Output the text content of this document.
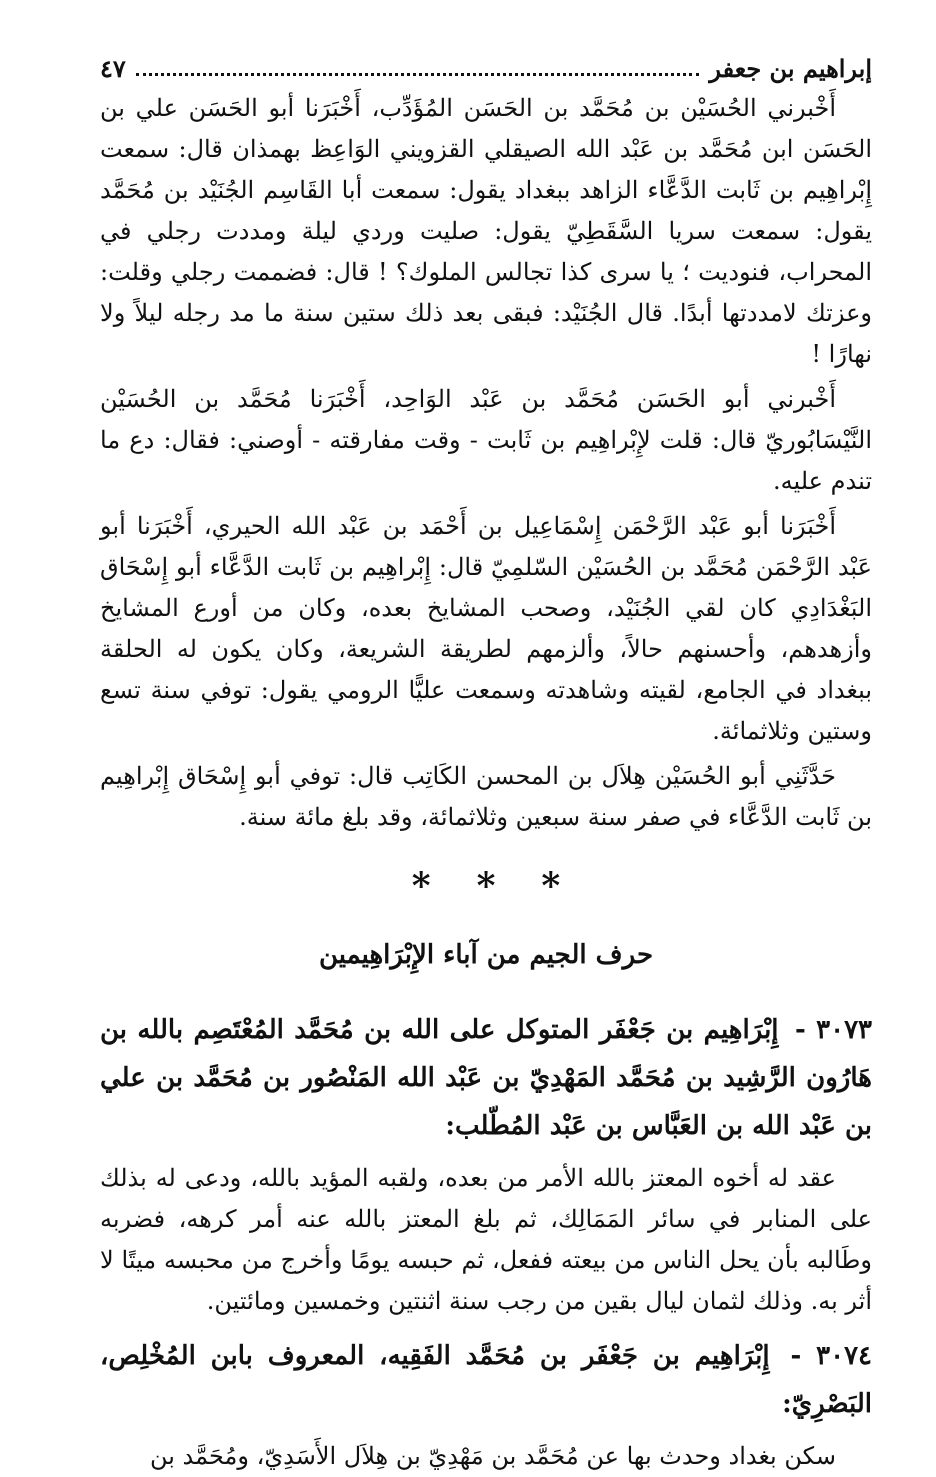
إبراهيم بن جعفر
٤٧

أَخْبرني الحُسَيْن بن مُحَمَّد بن الحَسَن المُؤَدِّب، أَخْبَرَنا أبو الحَسَن علي بن الحَسَن ابن مُحَمَّد بن عَبْد الله الصيقلي القزويني الوَاعِظ بهمذان قال: سمعت إِبْراهِيم بن ثَابت الدَّعَّاء الزاهد ببغداد يقول: سمعت أبا القَاسِم الجُنَيْد بن مُحَمَّد يقول: سمعت سريا السَّقَطِيّ يقول: صليت وردي ليلة ومددت رجلي في المحراب، فنوديت ؛ يا سرى كذا تجالس الملوك؟ ! قال: فضممت رجلي وقلت: وعزتك لامددتها أبدًا. قال الجُنَيْد: فبقى بعد ذلك ستين سنة ما مد رجله ليلاً ولا نهارًا !

أَخْبرني أبو الحَسَن مُحَمَّد بن عَبْد الوَاحِد، أَخْبَرَنا مُحَمَّد بن الحُسَيْن النَّيْسَابُوريّ قال: قلت لإِبْراهِيم بن ثَابت - وقت مفارقته - أوصني: فقال: دع ما تندم عليه.

أَخْبَرَنا أبو عَبْد الرَّحْمَن إِسْمَاعِيل بن أَحْمَد بن عَبْد الله الحيري، أَخْبَرَنا أبو عَبْد الرَّحْمَن مُحَمَّد بن الحُسَيْن السّلمِيّ قال: إِبْراهِيم بن ثَابت الدَّعَّاء أبو إِسْحَاق البَغْدَادِي كان لقي الجُنَيْد، وصحب المشايخ بعده، وكان من أورع المشايخ وأزهدهم، وأحسنهم حالاً، وألزمهم لطريقة الشريعة، وكان يكون له الحلقة ببغداد في الجامع، لقيته وشاهدته وسمعت عليًّا الرومي يقول: توفي سنة تسع وستين وثلاثمائة.

حَدَّثَنِي أبو الحُسَيْن هِلاَل بن المحسن الكَاتِب قال: توفي أبو إِسْحَاق إِبْراهِيم بن ثَابت الدَّعَّاء في صفر سنة سبعين وثلاثمائة، وقد بلغ مائة سنة.

*
*
*
حرف الجيم من آباء الإِبْرَاهِيمين
٣٠٧٣ - إِبْرَاهِيم بن جَعْفَر المتوكل على الله بن مُحَمَّد المُعْتَصِم بالله بن هَارُون الرَّشِيد بن مُحَمَّد المَهْدِيّ بن عَبْد الله المَنْصُور بن مُحَمَّد بن علي بن عَبْد الله بن العَبَّاس بن عَبْد المُطّلب:

عقد له أخوه المعتز بالله الأمر من بعده، ولقبه المؤيد بالله، ودعى له بذلك على المنابر في سائر المَمَالِك، ثم بلغ المعتز بالله عنه أمر كرهه، فضربه وطَالبه بأن يحل الناس من بيعته ففعل، ثم حبسه يومًا وأخرج من محبسه ميتًا لا أثر به. وذلك لثمان ليال بقين من رجب سنة اثنتين وخمسين ومائتين.

٣٠٧٤ - إِبْرَاهِيم بن جَعْفَر بن مُحَمَّد الفَقِيه، المعروف بابن المُخْلِص، البَصْرِيّ:

سكن بغداد وحدث بها عن مُحَمَّد بن مَهْدِيّ بن هِلاَل الأَسَدِيّ، ومُحَمَّد بن
